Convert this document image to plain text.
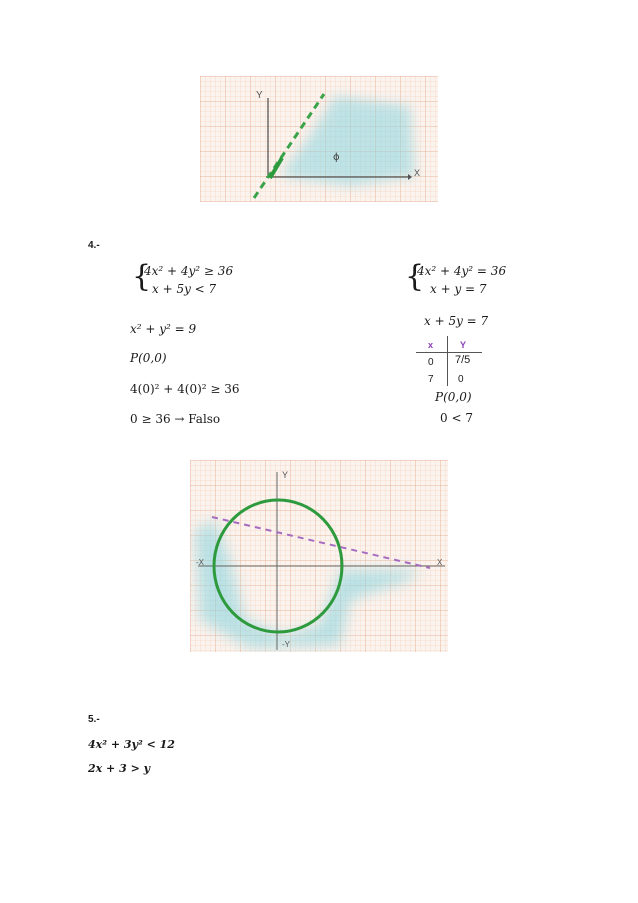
Y
X
ϕ
4.-
{
4x² + 4y² ≥ 36
x + 5y < 7	{
4x² + 4y² = 36
x + y = 7
x² + y² = 9
P(0,0)
4(0)² + 4(0)² ≥ 36
0 ≥ 36 → Falso
x + 5y = 7
x	Y
0 7/5
7 0
P(0,0)
0 < 7
Y
-Y
X
-X
5.-
4x² + 3y² < 12
2x + 3 > y
